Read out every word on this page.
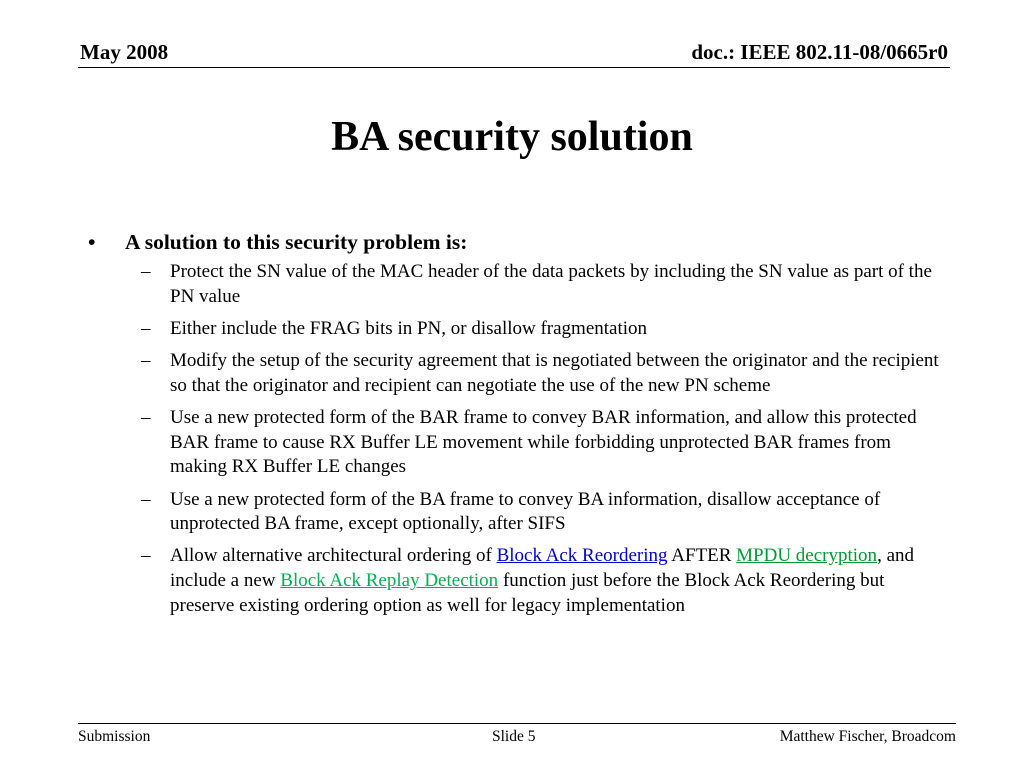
May 2008	doc.: IEEE 802.11-08/0665r0
BA security solution
• A solution to this security problem is:
– Protect the SN value of the MAC header of the data packets by including the SN value as part of the PN value
– Either include the FRAG bits in PN, or disallow fragmentation
– Modify the setup of the security agreement that is negotiated between the originator and the recipient so that the originator and recipient can negotiate the use of the new PN scheme
– Use a new protected form of the BAR frame to convey BAR information, and allow this protected BAR frame to cause RX Buffer LE movement while forbidding unprotected BAR frames from making RX Buffer LE changes
– Use a new protected form of the BA frame to convey BA information, disallow acceptance of unprotected BA frame, except optionally, after SIFS
– Allow alternative architectural ordering of Block Ack Reordering AFTER MPDU decryption, and include a new Block Ack Replay Detection function just before the Block Ack Reordering but preserve existing ordering option as well for legacy implementation
Submission	Slide 5	Matthew Fischer, Broadcom
